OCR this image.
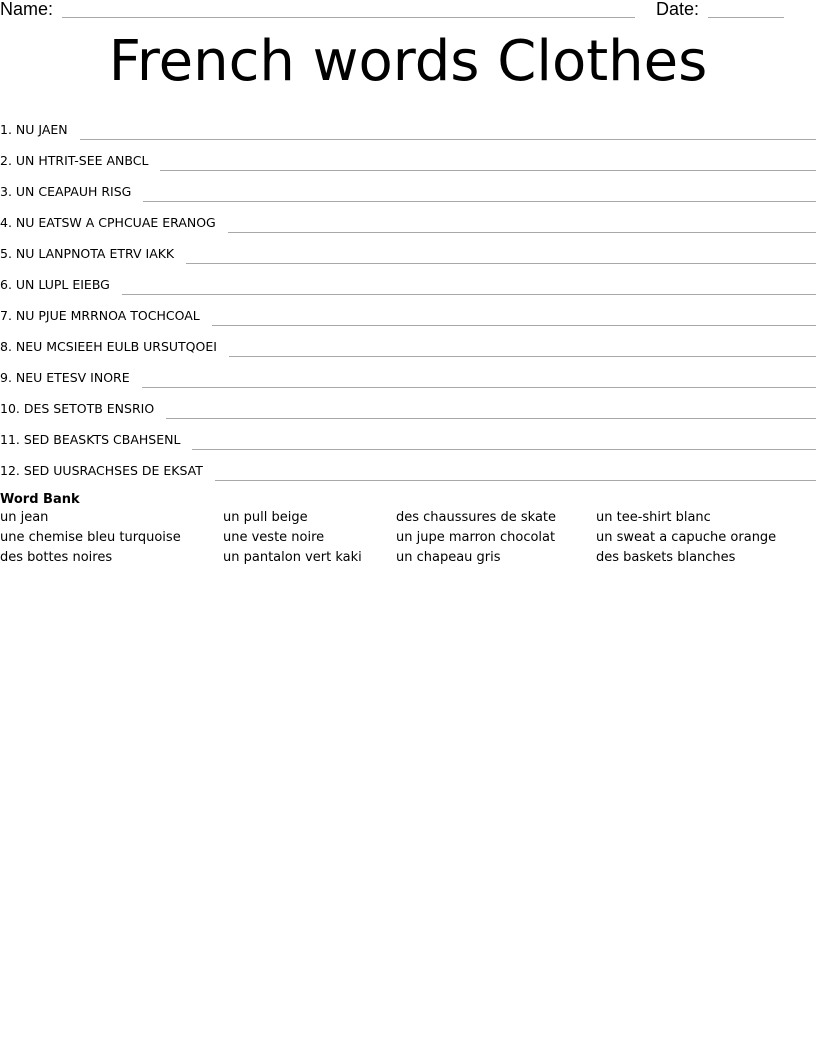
Name:	Date:
French words Clothes
1. NU JAEN
2. UN HTRIT-SEE ANBCL
3. UN CEAPAUH RISG
4. NU EATSW A CPHCUAE ERANOG
5. NU LANPNOTA ETRV IAKK
6. UN LUPL EIEBG
7. NU PJUE MRRNOA TOCHCOAL
8. NEU MCSIEEH EULB URSUTQOEI
9. NEU ETESV INORE
10. DES SETOTB ENSRIO
11. SED BEASKTS CBAHSENL
12. SED UUSRACHSES DE EKSAT
Word Bank
un jean	un pull beige	des chaussures de skate	un tee-shirt blanc
une chemise bleu turquoise	une veste noire	un jupe marron chocolat	un sweat a capuche orange
des bottes noires	un pantalon vert kaki	un chapeau gris	des baskets blanches
